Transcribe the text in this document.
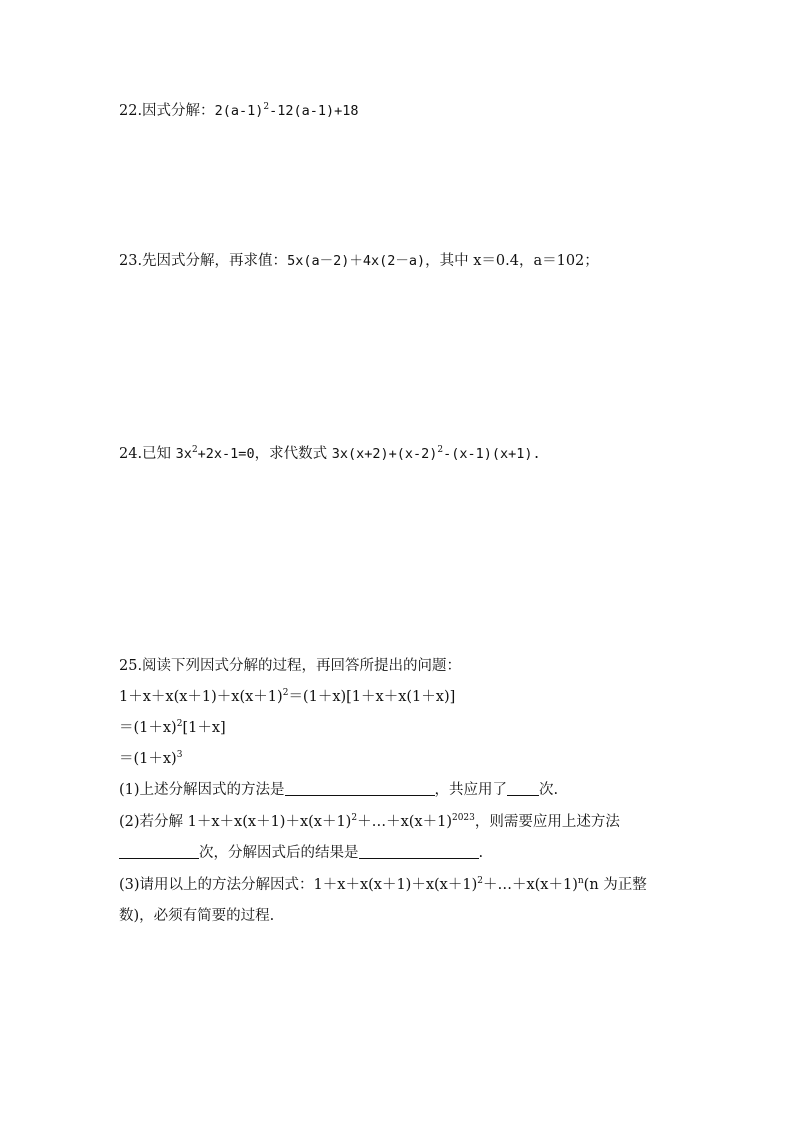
22.因式分解：$2(a-1)^2-12(a-1)+18$
23.先因式分解，再求值：5x(a－2)＋4x(2－a)，其中 x＝0.4，a＝102；
24.已知 $3x^2+2x-1=0$，求代数式 $3x(x+2)+(x-2)^2-(x-1)(x+1)$.
25.阅读下列因式分解的过程，再回答所提出的问题：
$1+x+x(x+1)+x(x+1)^2=(1+x)[1+x+x(1+x)]$
$=(1+x)^2[1+x]$
$=(1+x)^3$
(1)上述分解因式的方法是	，共应用了 次.
(2)若分解 $1+x+x(x+1)+x(x+1)^2+\dots+x(x+1)^{2023}$，则需要应用上述方法
次，分解因式后的结果是	.
(3)请用以上的方法分解因式：$1+x+x(x+1)+x(x+1)^2+\dots+x(x+1)^n(n$ 为正整
数)，必须有简要的过程.
